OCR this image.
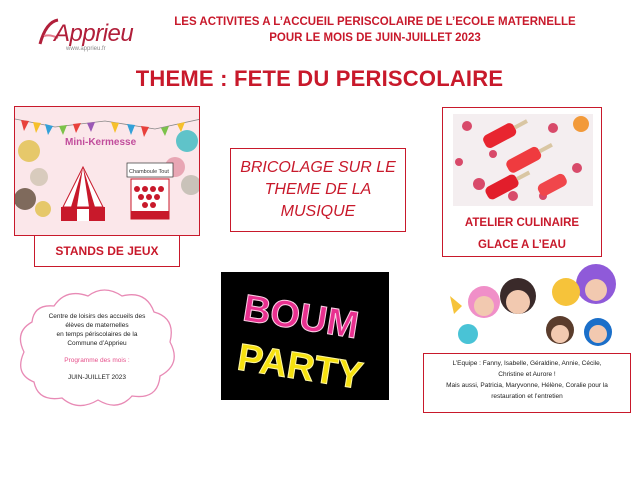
Apprieu
www.apprieu.fr
LES ACTIVITES A L’ACCUEIL PERISCOLAIRE DE L’ECOLE MATERNELLE
POUR LE MOIS DE JUIN-JUILLET 2023
THEME : FETE DU PERISCOLAIRE
Mini-Kermesse
Chamboule Tout
STANDS DE JEUX
BRICOLAGE SUR LE THEME DE LA MUSIQUE
ATELIER CULINAIRE
GLACE A L’EAU
Centre de loisirs des accueils des
élèves de maternelles
en temps périscolaires de la
Commune d’Apprieu
Programme des mois :
JUIN-JUILLET 2023
BOUM
PARTY	L’Equipe : Fanny, Isabelle, Géraldine, Annie, Cécile,
Christine et Aurore !
Mais aussi, Patricia, Maryvonne, Hélène, Coralie pour la
restauration et l’entretien
